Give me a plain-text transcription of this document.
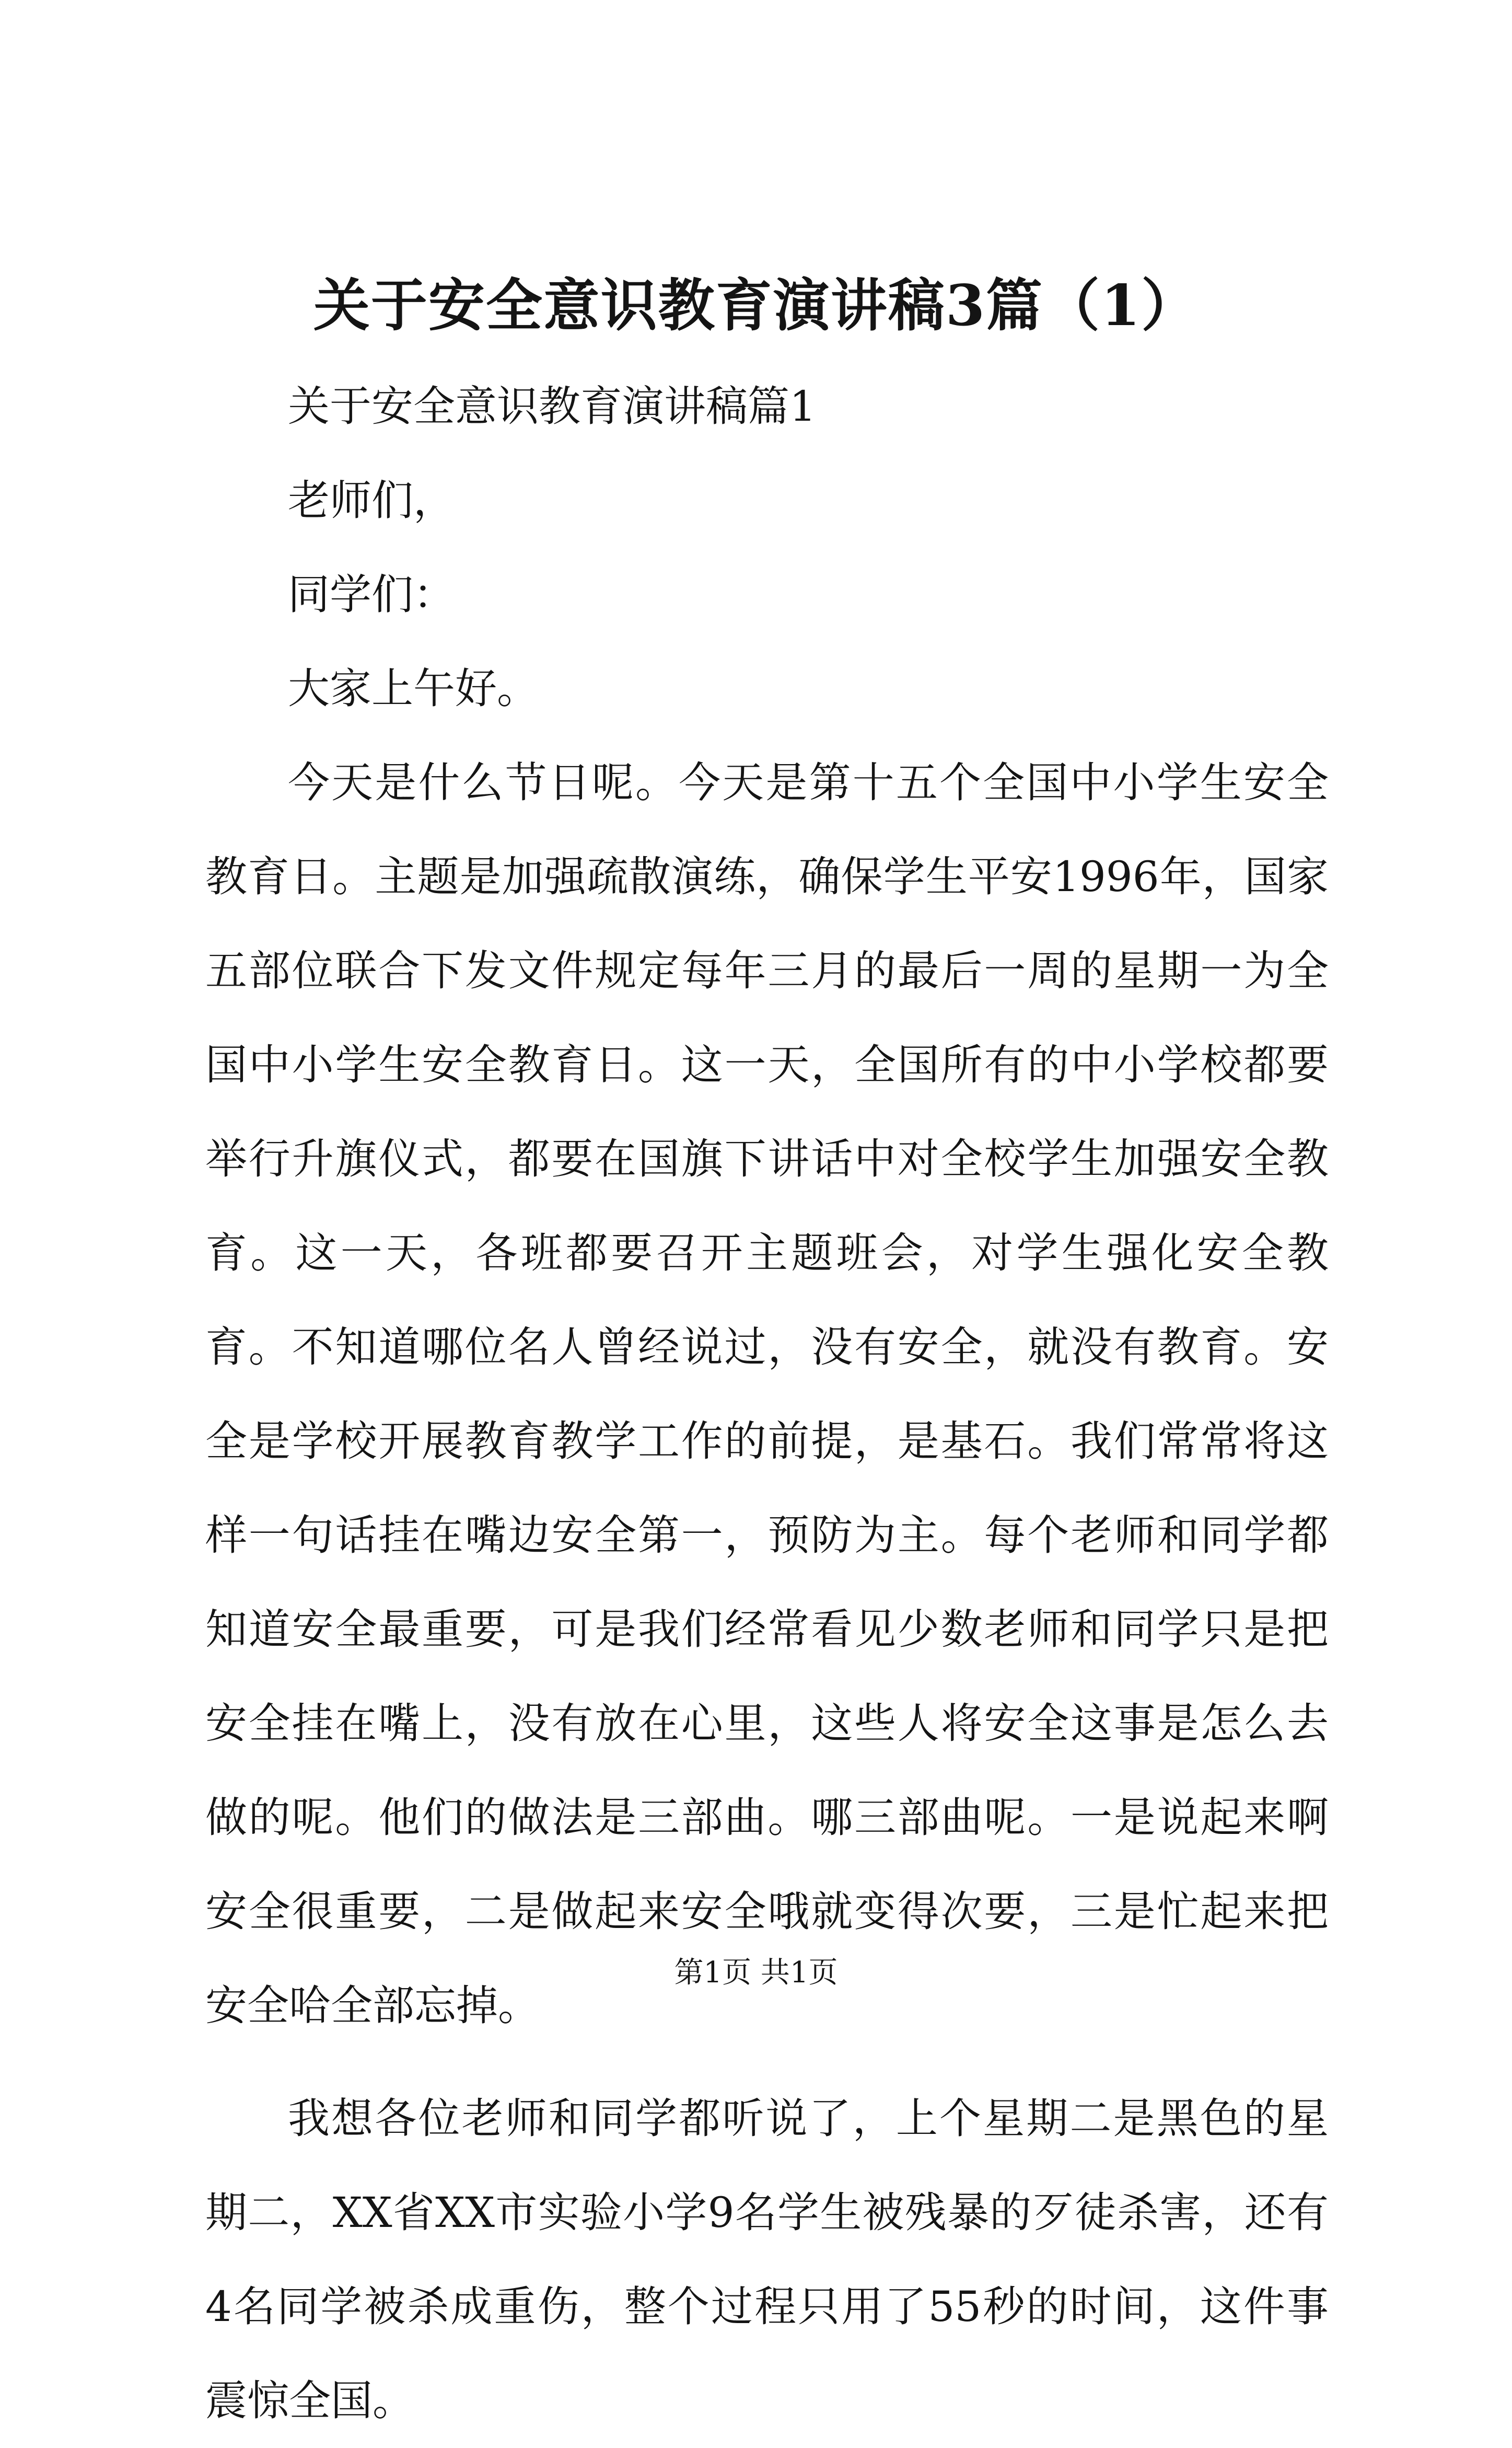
关于安全意识教育演讲稿3篇（1）

关于安全意识教育演讲稿篇1

老师们，

同学们：

大家上午好。

今天是什么节日呢。今天是第十五个全国中小学生安全教育日。主题是加强疏散演练，确保学生平安1996年，国家五部位联合下发文件规定每年三月的最后一周的星期一为全国中小学生安全教育日。这一天，全国所有的中小学校都要举行升旗仪式，都要在国旗下讲话中对全校学生加强安全教育。这一天，各班都要召开主题班会，对学生强化安全教育。不知道哪位名人曾经说过，没有安全，就没有教育。安全是学校开展教育教学工作的前提，是基石。我们常常将这样一句话挂在嘴边安全第一，预防为主。每个老师和同学都知道安全最重要，可是我们经常看见少数老师和同学只是把安全挂在嘴上，没有放在心里，这些人将安全这事是怎么去做的呢。他们的做法是三部曲。哪三部曲呢。一是说起来啊安全很重要，二是做起来安全哦就变得次要，三是忙起来把安全哈全部忘掉。

我想各位老师和同学都听说了，上个星期二是黑色的星期二，XX省XX市实验小学9名学生被残暴的歹徒杀害，还有4名同学被杀成重伤，整个过程只用了55秒的时间，这件事震惊全国。

第1页 共1页
